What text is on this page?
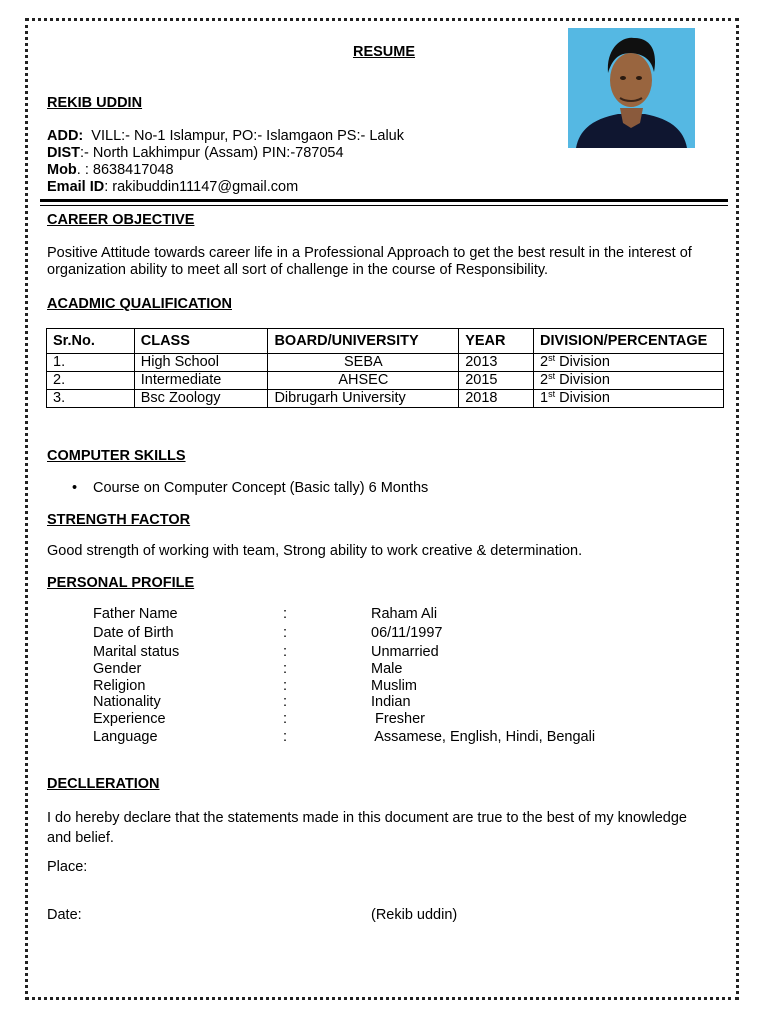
RESUME
REKIB UDDIN
ADD:  VILL:- No-1 Islampur, PO:- Islamgaon PS:- Laluk
DIST:- North Lakhimpur (Assam) PIN:-787054
Mob. : 8638417048
Email ID: rakibuddin11147@gmail.com
CAREER OBJECTIVE
Positive Attitude towards career life in a Professional Approach to get the best result in the interest of organization ability to meet all sort of challenge in the course of Responsibility.
ACADMIC QUALIFICATION
Sr.No.	CLASS	BOARD/UNIVERSITY	YEAR	DIVISION/PERCENTAGE
1.	High School	SEBA	2013	2st Division
2.	Intermediate	AHSEC	2015	2st Division
3.	Bsc Zoology	Dibrugarh University	2018	1st Division
COMPUTER SKILLS
• Course on Computer Concept (Basic tally) 6 Months
STRENGTH FACTOR
Good strength of working with team, Strong ability to work creative & determination.
PERSONAL PROFILE
Father Name	:	Raham Ali
Date of Birth	:	06/11/1997
Marital status	:	Unmarried
Gender	:	Male
Religion	:	Muslim
Nationality	:	Indian
Experience	:	Fresher
Language	:	Assamese, English, Hindi, Bengali
DECLLERATION
I do hereby declare that the statements made in this document are true to the best of my knowledge and belief.
Place:
Date:	(Rekib uddin)
